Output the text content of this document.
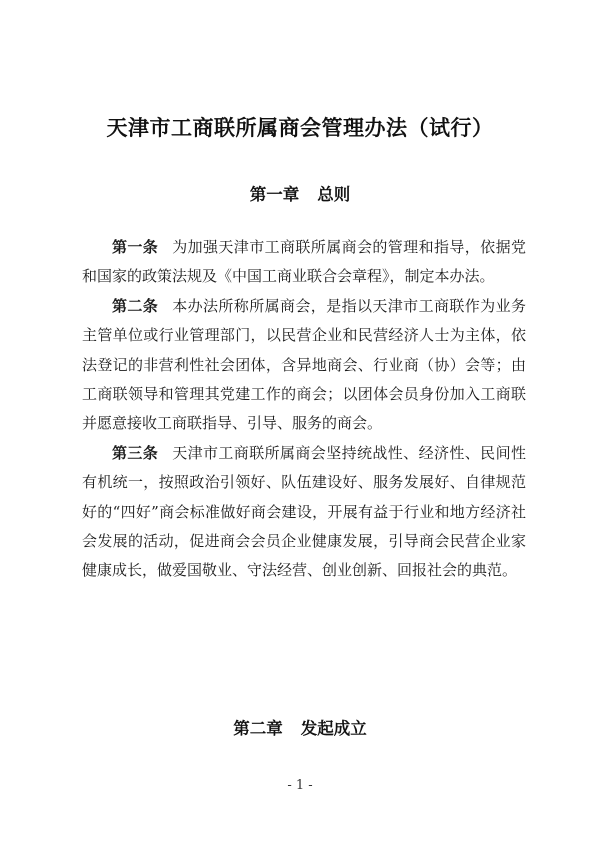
天津市工商联所属商会管理办法（试行）
第一章 总则

第一条 为加强天津市工商联所属商会的管理和指导，依据党和国家的政策法规及《中国工商业联合会章程》，制定本办法。

第二条 本办法所称所属商会，是指以天津市工商联作为业务主管单位或行业管理部门，以民营企业和民营经济人士为主体，依法登记的非营利性社会团体，含异地商会、行业商（协）会等；由工商联领导和管理其党建工作的商会；以团体会员身份加入工商联并愿意接收工商联指导、引导、服务的商会。

第三条 天津市工商联所属商会坚持统战性、经济性、民间性有机统一，按照政治引领好、队伍建设好、服务发展好、自律规范好的“四好”商会标准做好商会建设，开展有益于行业和地方经济社会发展的活动，促进商会会员企业健康发展，引导商会民营企业家健康成长，做爱国敬业、守法经营、创业创新、回报社会的典范。

第二章 发起成立
- 1 -
